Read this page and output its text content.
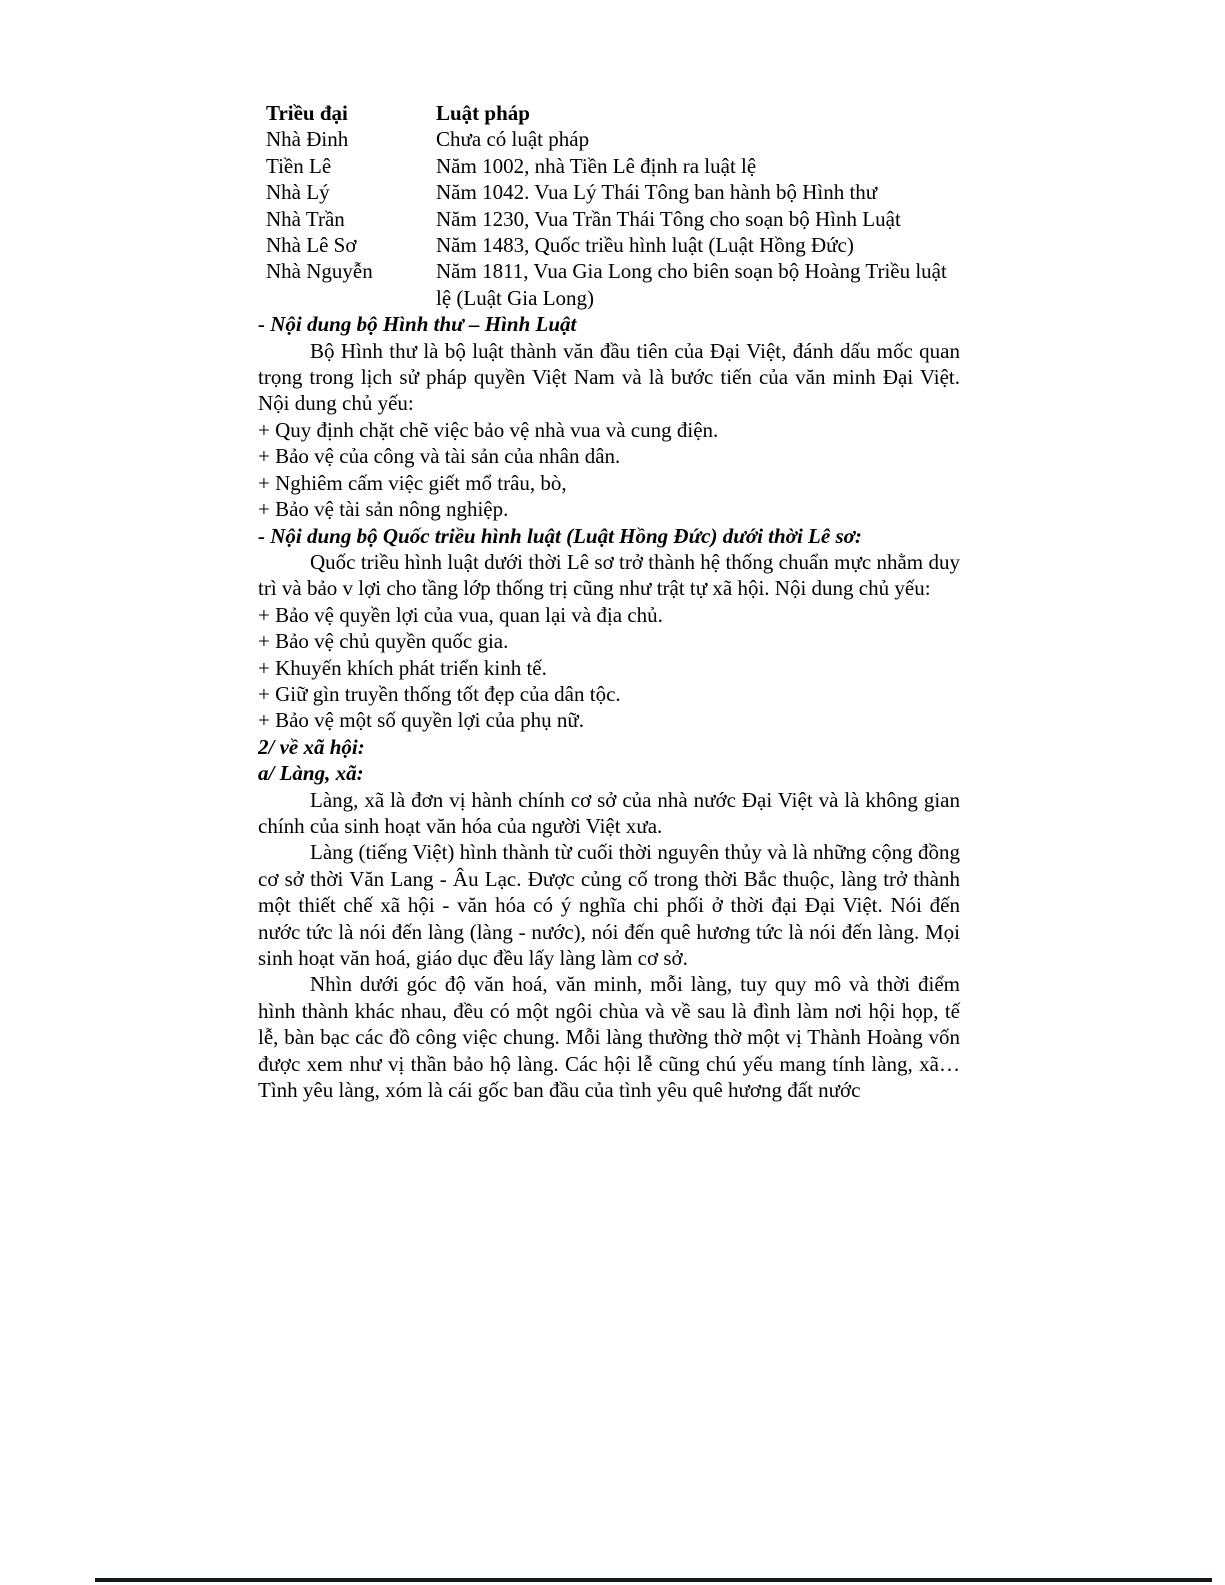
Triều đại	Luật pháp
Nhà Đinh	Chưa có luật pháp
Tiền Lê	Năm 1002, nhà Tiền Lê định ra luật lệ
Nhà Lý	Năm 1042. Vua Lý Thái Tông ban hành bộ Hình thư
Nhà Trần	Năm 1230, Vua Trần Thái Tông cho soạn bộ Hình Luật
Nhà Lê Sơ	Năm 1483, Quốc triều hình luật (Luật Hồng Đức)
Nhà Nguyễn	Năm 1811, Vua Gia Long cho biên soạn bộ Hoàng Triều luật lệ (Luật Gia Long)

- Nội dung bộ Hình thư – Hình Luật

Bộ Hình thư là bộ luật thành văn đầu tiên của Đại Việt, đánh dấu mốc quan trọng trong lịch sử pháp quyền Việt Nam và là bước tiến của văn minh Đại Việt. Nội dung chủ yếu:

+ Quy định chặt chẽ việc bảo vệ nhà vua và cung điện.

+ Bảo vệ của công và tài sản của nhân dân.

+ Nghiêm cấm việc giết mổ trâu, bò,

+ Bảo vệ tài sản nông nghiệp.

- Nội dung bộ Quốc triều hình luật (Luật Hồng Đức) dưới thời Lê sơ:

Quốc triều hình luật dưới thời Lê sơ trở thành hệ thống chuẩn mực nhằm duy trì và bảo v lợi cho tầng lớp thống trị cũng như trật tự xã hội. Nội dung chủ yếu:

+ Bảo vệ quyền lợi của vua, quan lại và địa chủ.

+ Bảo vệ chủ quyền quốc gia.

+ Khuyến khích phát triển kinh tế.

+ Giữ gìn truyền thống tốt đẹp của dân tộc.

+ Bảo vệ một số quyền lợi của phụ nữ.

2/ về xã hội:

a/ Làng, xã:

Làng, xã là đơn vị hành chính cơ sở của nhà nước Đại Việt và là không gian chính của sinh hoạt văn hóa của người Việt xưa.

Làng (tiếng Việt) hình thành từ cuối thời nguyên thủy và là những cộng đồng cơ sở thời Văn Lang - Âu Lạc. Được củng cố trong thời Bắc thuộc, làng trở thành một thiết chế xã hội - văn hóa có ý nghĩa chi phối ở thời đại Đại Việt. Nói đến nước tức là nói đến làng (làng - nước), nói đến quê hương tức là nói đến làng. Mọi sinh hoạt văn hoá, giáo dục đều lấy làng làm cơ sở.

Nhìn dưới góc độ văn hoá, văn minh, mỗi làng, tuy quy mô và thời điểm hình thành khác nhau, đều có một ngôi chùa và về sau là đình làm nơi hội họp, tế lễ, bàn bạc các đồ công việc chung. Mỗi làng thường thờ một vị Thành Hoàng vốn được xem như vị thần bảo hộ làng. Các hội lễ cũng chú yếu mang tính làng, xã… Tình yêu làng, xóm là cái gốc ban đầu của tình yêu quê hương đất nước
